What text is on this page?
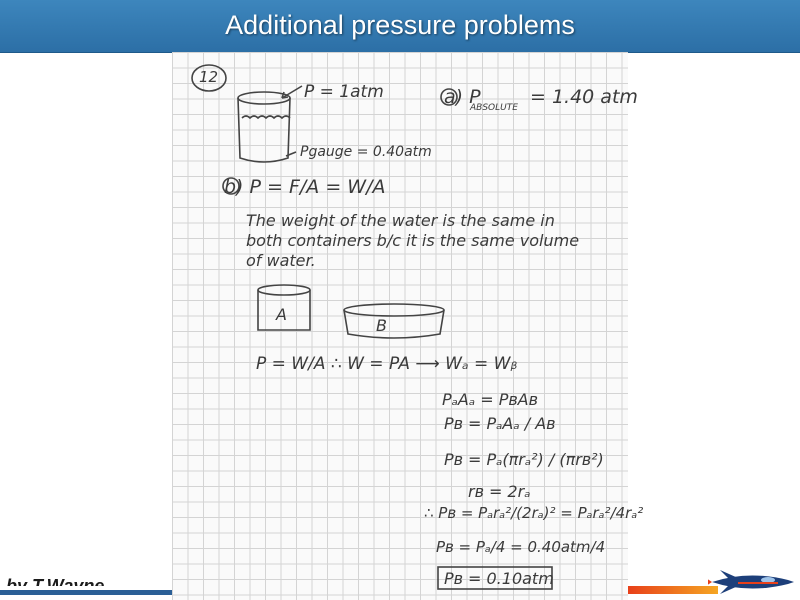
Additional pressure problems
12
P = 1atm	a) P
ABSOLUTE = 1.40 atm
Pgauge = 0.40atm
b) P = F/A = W/A
The weight of the water is the same in
both containers b/c it is the same volume
of water.
A
B
P = W/A ∴ W = PA ⟶ Wₐ = Wᵦ
PₐAₐ = PʙAʙ
Pʙ = PₐAₐ / Aʙ
Pʙ = Pₐ(πrₐ²) / (πrʙ²)
rʙ = 2rₐ
∴ Pʙ = Pₐrₐ²/(2rₐ)² = Pₐrₐ²/4rₐ²
Pʙ = Pₐ/4 = 0.40atm/4
Pʙ = 0.10atm
